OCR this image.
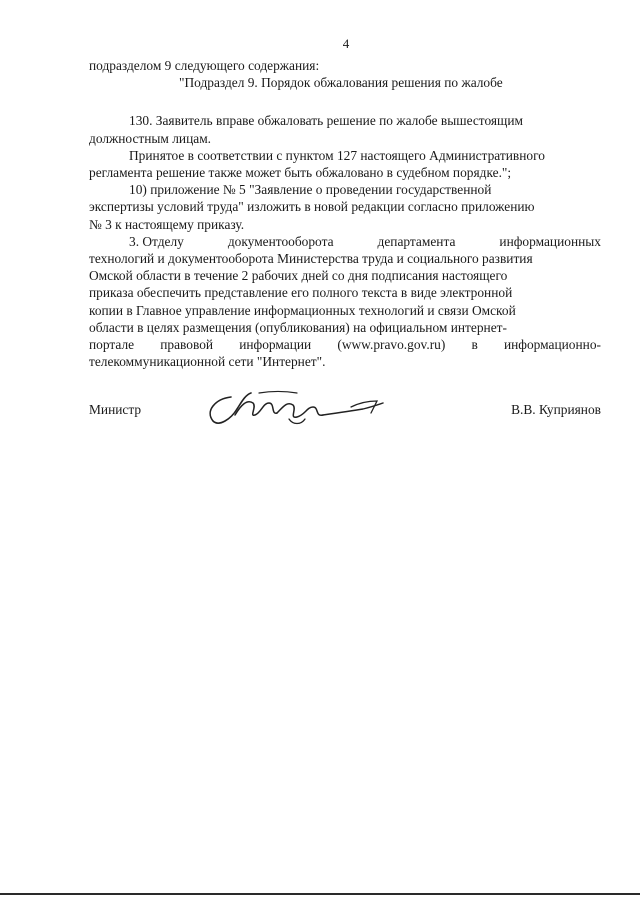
4
подразделом 9 следующего содержания:
"Подраздел 9. Порядок обжалования решения по жалобе
130. Заявитель вправе обжаловать решение по жалобе вышестоящим
должностным лицам.
Принятое в соответствии с пунктом 127 настоящего Административного
регламента решение также может быть обжаловано в судебном порядке.";
10) приложение № 5 "Заявление о проведении государственной
экспертизы условий труда" изложить в новой редакции согласно приложению
№ 3 к настоящему приказу.
3. Отделу	документооборота	департамента	информационных
технологий и документооборота Министерства труда и социального развития
Омской области в течение 2 рабочих дней со дня подписания настоящего
приказа обеспечить представление его полного текста в виде электронной
копии в Главное управление информационных технологий и связи Омской
области в целях размещения (опубликования) на официальном интернет-
портале правовой информации (www.pravo.gov.ru) в информационно-
телекоммуникационной сети "Интернет".
Министр	В.В. Куприянов
